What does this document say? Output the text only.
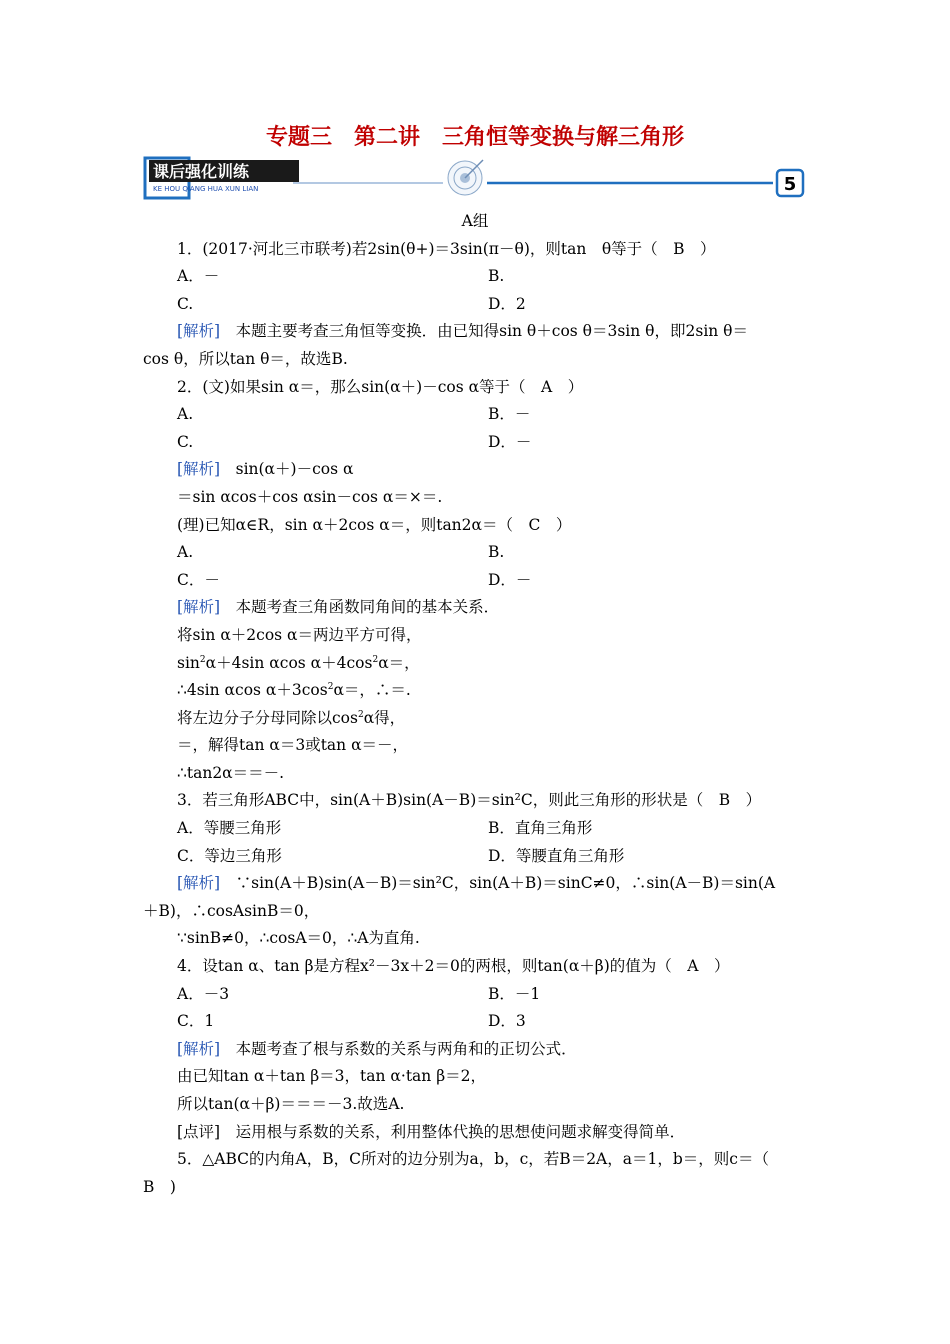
专题三　第二讲　三角恒等变换与解三角形
课后强化训练
KE HOU QIANG HUA XUN LIAN	5
A组
1．(2017·河北三市联考)若2sin(θ+)＝3sin(π－θ)，则tan　θ等于（　B　）
A．－	B.
C.	D．2
[解析]　本题主要考查三角恒等变换．由已知得sin θ＋cos θ＝3sin θ，即2sin θ＝
cos θ，所以tan θ＝，故选B.
2．(文)如果sin α＝，那么sin(α＋)－cos α等于（　A　）
A.	B．－
C.	D．－
[解析]　sin(α＋)－cos α
＝sin αcos＋cos αsin－cos α＝×＝.
(理)已知α∈R，sin α＋2cos α＝，则tan2α＝（　C　）
A.	B.
C．－	D．－
[解析]　本题考查三角函数同角间的基本关系．
将sin α＋2cos α＝两边平方可得，
$\sin^2\alpha+4\sin$ αcos $\alpha+4\cos^2\alpha=$，
∴4sin αcos $\alpha+3\cos^2\alpha=$，∴＝.
将左边分子分母同除以$\cos^2\alpha$得，
＝，解得tan α＝3或tan α＝－，
∴tan2α＝＝－.
3．若三角形ABC中，sin(A＋B)sin(A－B)＝sin²C，则此三角形的形状是（　B　）
A．等腰三角形	B．直角三角形
C．等边三角形	D．等腰直角三角形
[解析]　∵sin(A＋B)sin(A－B)＝sin²C，sin(A＋B)＝sinC≠0，∴sin(A－B)＝sin(A
＋B)，∴cosAsinB＝0，
∵sinB≠0，∴cosA＝0，∴A为直角.
4．设tan α、tan β是方程x²－3x＋2＝0的两根，则tan(α＋β)的值为（　A　）
A．－3	B．－1
C．1	D．3
[解析]　本题考查了根与系数的关系与两角和的正切公式．
由已知tan α＋tan β＝3，tan α·tan β＝2，
所以tan(α＋β)＝＝＝－3.故选A.
[点评]　运用根与系数的关系，利用整体代换的思想使问题求解变得简单．
5．△ABC的内角A，B，C所对的边分别为a，b，c，若B＝2A，a＝1，b＝，则c＝（
B　)
